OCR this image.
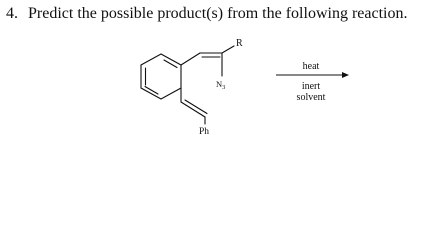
4. Predict the possible product(s) from the following reaction.
R
$N_3$
Ph
heat
inert
solvent
